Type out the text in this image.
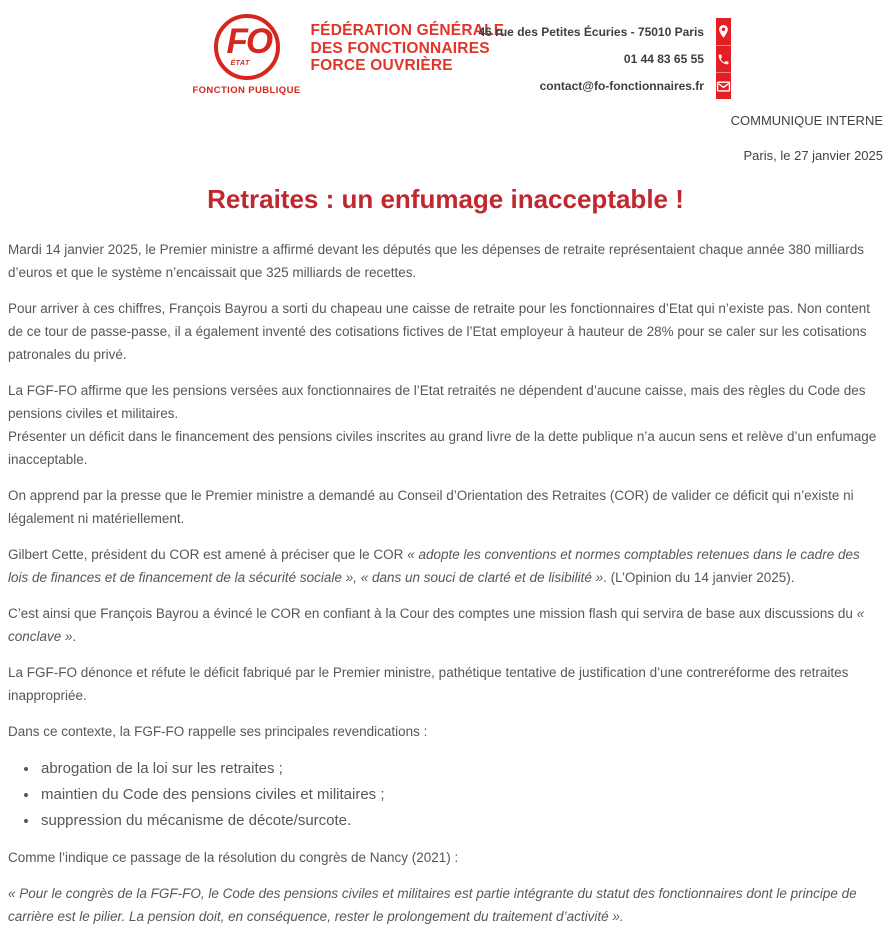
FO
ÉTAT
FONCTION PUBLIQUE
FÉDÉRATION GÉNÉRALE
DES FONCTIONNAIRES
FORCE OUVRIÈRE
46 rue des Petites Écuries - 75010 Paris
01 44 83 65 55
contact@fo-fonctionnaires.fr
COMMUNIQUE INTERNE
Paris, le 27 janvier 2025
Retraites : un enfumage inacceptable !

Mardi 14 janvier 2025, le Premier ministre a affirmé devant les députés que les dépenses de retraite représentaient chaque année 380 milliards d’euros et que le système n’encaissait que 325 milliards de recettes.

Pour arriver à ces chiffres, François Bayrou a sorti du chapeau une caisse de retraite pour les fonctionnaires d’Etat qui n’existe pas. Non content de ce tour de passe-passe, il a également inventé des cotisations fictives de l’Etat employeur à hauteur de 28% pour se caler sur les cotisations patronales du privé.

La FGF-FO affirme que les pensions versées aux fonctionnaires de l’Etat retraités ne dépendent d’aucune caisse, mais des règles du Code des pensions civiles et militaires.
Présenter un déficit dans le financement des pensions civiles inscrites au grand livre de la dette publique n’a aucun sens et relève d’un enfumage inacceptable.

On apprend par la presse que le Premier ministre a demandé au Conseil d’Orientation des Retraites (COR) de valider ce déficit qui n’existe ni légalement ni matériellement.

Gilbert Cette, président du COR est amené à préciser que le COR « adopte les conventions et normes comptables retenues dans le cadre des lois de finances et de financement de la sécurité sociale », « dans un souci de clarté et de lisibilité ». (L’Opinion du 14 janvier 2025).

C’est ainsi que François Bayrou a évincé le COR en confiant à la Cour des comptes une mission flash qui servira de base aux discussions du « conclave ».

La FGF-FO dénonce et réfute le déficit fabriqué par le Premier ministre, pathétique tentative de justification d’une contreréforme des retraites inappropriée.

Dans ce contexte, la FGF-FO rappelle ses principales revendications :

• abrogation de la loi sur les retraites ;
• maintien du Code des pensions civiles et militaires ;
• suppression du mécanisme de décote/surcote.

Comme l’indique ce passage de la résolution du congrès de Nancy (2021) :

« Pour le congrès de la FGF-FO, le Code des pensions civiles et militaires est partie intégrante du statut des fonctionnaires dont le principe de carrière est le pilier. La pension doit, en conséquence, rester le prolongement du traitement d’activité ».
